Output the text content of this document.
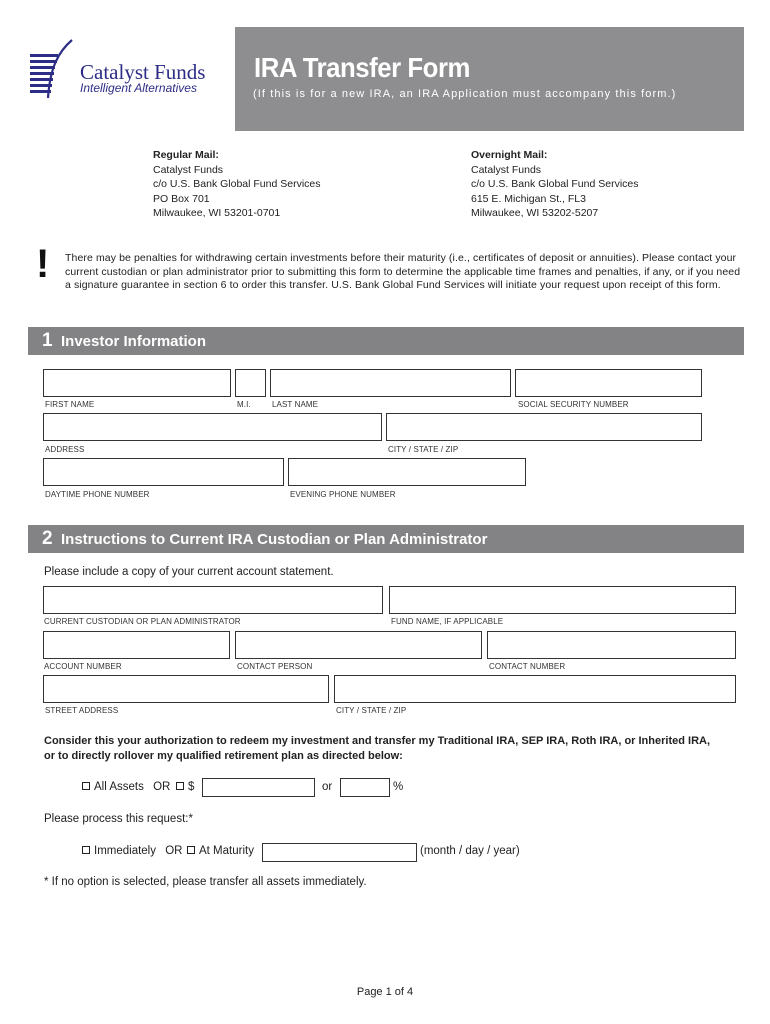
Catalyst Funds
Intelligent Alternatives
IRA Transfer Form
(If this is for a new IRA, an IRA Application must accompany this form.)
Regular Mail:
Catalyst Funds
c/o U.S. Bank Global Fund Services
PO Box 701
Milwaukee, WI 53201-0701
Overnight Mail:
Catalyst Funds
c/o U.S. Bank Global Fund Services
615 E. Michigan St., FL3
Milwaukee, WI 53202-5207
! There may be penalties for withdrawing certain investments before their maturity (i.e., certificates of deposit or annuities). Please contact your current custodian or plan administrator prior to submitting this form to determine the applicable time frames and penalties, if any, or if you need a signature guarantee in section 6 to order this transfer. U.S. Bank Global Fund Services will initiate your request upon receipt of this form.
1 Investor Information
FIRST NAME	M.I.	LAST NAME	SOCIAL SECURITY NUMBER
ADDRESS	CITY / STATE / ZIP
DAYTIME PHONE NUMBER	EVENING PHONE NUMBER
2 Instructions to Current IRA Custodian or Plan Administrator
Please include a copy of your current account statement.
CURRENT CUSTODIAN OR PLAN ADMINISTRATOR	FUND NAME, IF APPLICABLE
ACCOUNT NUMBER	CONTACT PERSON	CONTACT NUMBER
STREET ADDRESS	CITY / STATE / ZIP
Consider this your authorization to redeem my investment and transfer my Traditional IRA, SEP IRA, Roth IRA, or Inherited IRA,
or to directly rollover my qualified retirement plan as directed below:
All Assets OR	$	or	%
Please process this request:*
Immediately OR	At Maturity	(month / day / year)
* If no option is selected, please transfer all assets immediately.
Page 1 of 4
